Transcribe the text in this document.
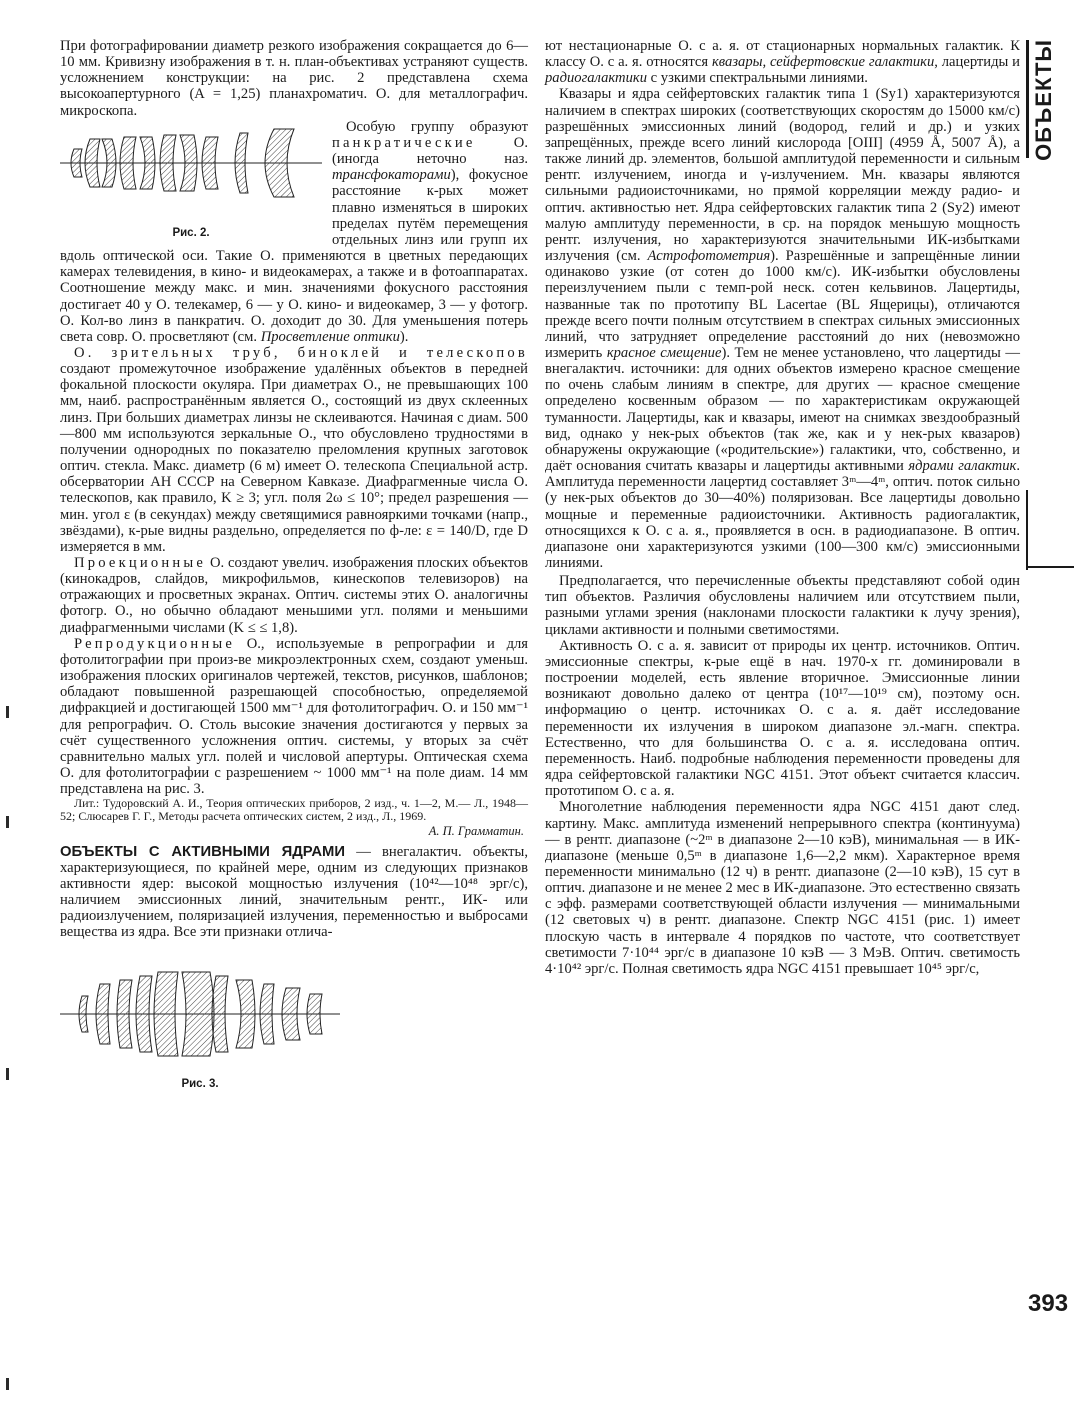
ОБЪЕКТЫ

При фотографировании диаметр резкого изображения сокращается до 6—10 мм. Кривизну изображения в т. н. план-объективах устраняют существ. усложнением конструкции: на рис. 2 представлена схема высокоапертурного (A = 1,25) планахроматич. О. для металлографич. микроскопа.

Рис. 2.

Особую группу образуют панкратические О. (иногда неточно наз. трансфокаторами), фокусное расстояние к-рых может плавно изменяться в широких пределах путём перемещения отдельных линз или групп их вдоль оптической оси. Такие О. применяются в цветных передающих камерах телевидения, в кино- и видеокамерах, а также и в фотоаппаратах. Соотношение между макс. и мин. значениями фокусного расстояния достигает 40 у О. телекамер, 6 — у О. кино- и видеокамер, 3 — у фотогр. О. Кол-во линз в панкратич. О. доходит до 30. Для уменьшения потерь света совр. О. просветляют (см. Просветление оптики).

О. зрительных труб, биноклей и телескопов создают промежуточное изображение удалённых объектов в передней фокальной плоскости окуляра. При диаметрах О., не превышающих 100 мм, наиб. распространённым является О., состоящий из двух склеенных линз. При больших диаметрах линзы не склеиваются. Начиная с диам. 500—800 мм используются зеркальные О., что обусловлено трудностями в получении однородных по показателю преломления крупных заготовок оптич. стекла. Макс. диаметр (6 м) имеет О. телескопа Специальной астр. обсерватории АН СССР на Северном Кавказе. Диафрагменные числа О. телескопов, как правило, K ≥ 3; угл. поля 2ω ≤ 10°; предел разрешения — мин. угол ε (в секундах) между светящимися равнояркими точками (напр., звёздами), к-рые видны раздельно, определяется по ф-ле: ε = 140/D, где D измеряется в мм.

Проекционные О. создают увелич. изображения плоских объектов (кинокадров, слайдов, микрофильмов, кинескопов телевизоров) на отражающих и просветных экранах. Оптич. системы этих О. аналогичны фотогр. О., но обычно обладают меньшими угл. полями и меньшими диафрагменными числами (K ≤ ≤ 1,8).

Репродукционные О., используемые в репрографии и для фотолитографии при произ-ве микроэлектронных схем, создают уменьш. изображения плоских оригиналов чертежей, текстов, рисунков, шаблонов; обладают повышенной разрешающей способностью, определяемой дифракцией и достигающей 1500 мм⁻¹ для фотолитографич. О. и 150 мм⁻¹ для репрографич. О. Столь высокие значения достигаются у первых за счёт существенного усложнения оптич. системы, у вторых за счёт сравнительно малых угл. полей и числовой апертуры. Оптическая схема О. для фотолитографии с разрешением ~ 1000 мм⁻¹ на поле диам. 14 мм представлена на рис. 3.

Лит.: Тудоровский А. И., Теория оптических приборов, 2 изд., ч. 1—2, М.— Л., 1948—52; Слюсарев Г. Г., Методы расчета оптических систем, 2 изд., Л., 1969.

А. П. Грамматин.

ОБЪЕКТЫ С АКТИВНЫМИ ЯДРАМИ — внегалактич. объекты, характеризующиеся, по крайней мере, одним из следующих признаков активности ядер: высокой мощностью излучения (10⁴²—10⁴⁸ эрг/с), наличием эмиссионных линий, значительным рентг., ИК- или радиоизлучением, поляризацией излучения, переменностью и выбросами вещества из ядра. Все эти признаки отлича-

Рис. 3.

ют нестационарные О. с а. я. от стационарных нормальных галактик. К классу О. с а. я. относятся квазары, сейфертовские галактики, лацертиды и радиогалактики с узкими спектральными линиями.

Квазары и ядра сейфертовских галактик типа 1 (Sy1) характеризуются наличием в спектрах широких (соответствующих скоростям до 15000 км/с) разрешённых эмиссионных линий (водород, гелий и др.) и узких запрещённых, прежде всего линий кислорода [OIII] (4959 Å, 5007 Å), а также линий др. элементов, большой амплитудой переменности и сильным рентг. излучением, иногда и γ-излучением. Мн. квазары являются сильными радиоисточниками, но прямой корреляции между радио- и оптич. активностью нет. Ядра сейфертовских галактик типа 2 (Sy2) имеют малую амплитуду переменности, в ср. на порядок меньшую мощность рентг. излучения, но характеризуются значительными ИК-избытками излучения (см. Астрофотометрия). Разрешённые и запрещённые линии одинаково узкие (от сотен до 1000 км/с). ИК-избытки обусловлены переизлучением пыли с темп-рой неск. сотен кельвинов. Лацертиды, названные так по прототипу BL Lacertae (BL Ящерицы), отличаются прежде всего почти полным отсутствием в спектрах сильных эмиссионных линий, что затрудняет определение расстояний до них (невозможно измерить красное смещение). Тем не менее установлено, что лацертиды — внегалактич. источники: для одних объектов измерено красное смещение по очень слабым линиям в спектре, для других — красное смещение определено косвенным образом — по характеристикам окружающей туманности. Лацертиды, как и квазары, имеют на снимках звездообразный вид, однако у нек-рых объектов (так же, как и у нек-рых квазаров) обнаружены окружающие («родительские») галактики, что, собственно, и даёт основания считать квазары и лацертиды активными ядрами галактик. Амплитуда переменности лацертид составляет 3ᵐ—4ᵐ, оптич. поток сильно (у нек-рых объектов до 30—40%) поляризован. Все лацертиды довольно мощные и переменные радиоисточники. Активность радиогалактик, относящихся к О. с а. я., проявляется в осн. в радиодиапазоне. В оптич. диапазоне они характеризуются узкими (100—300 км/с) эмиссионными линиями.

Предполагается, что перечисленные объекты представляют собой один тип объектов. Различия обусловлены наличием или отсутствием пыли, разными углами зрения (наклонами плоскости галактики к лучу зрения), циклами активности и полными светимостями.

Активность О. с а. я. зависит от природы их центр. источников. Оптич. эмиссионные спектры, к-рые ещё в нач. 1970-х гг. доминировали в построении моделей, есть явление вторичное. Эмиссионные линии возникают довольно далеко от центра (10¹⁷—10¹⁹ см), поэтому осн. информацию о центр. источниках О. с а. я. даёт исследование переменности их излучения в широком диапазоне эл.-магн. спектра. Естественно, что для большинства О. с а. я. исследована оптич. переменность. Наиб. подробные наблюдения переменности проведены для ядра сейфертовской галактики NGC 4151. Этот объект считается классич. прототипом О. с а. я.

Многолетние наблюдения переменности ядра NGC 4151 дают след. картину. Макс. амплитуда изменений непрерывного спектра (континуума) — в рентг. диапазоне (~2ᵐ в диапазоне 2—10 кэВ), минимальная — в ИК-диапазоне (меньше 0,5ᵐ в диапазоне 1,6—2,2 мкм). Характерное время переменности минимально (12 ч) в рентг. диапазоне (2—10 кэВ), 15 сут в оптич. диапазоне и не менее 2 мес в ИК-диапазоне. Это естественно связать с эфф. размерами соответствующей области излучения — минимальными (12 световых ч) в рентг. диапазоне. Спектр NGC 4151 (рис. 1) имеет плоскую часть в интервале 4 порядков по частоте, что соответствует светимости 7·10⁴⁴ эрг/с в диапазоне 10 кэВ — 3 МэВ. Оптич. светимость 4·10⁴² эрг/с. Полная светимость ядра NGC 4151 превышает 10⁴⁵ эрг/с,

393
